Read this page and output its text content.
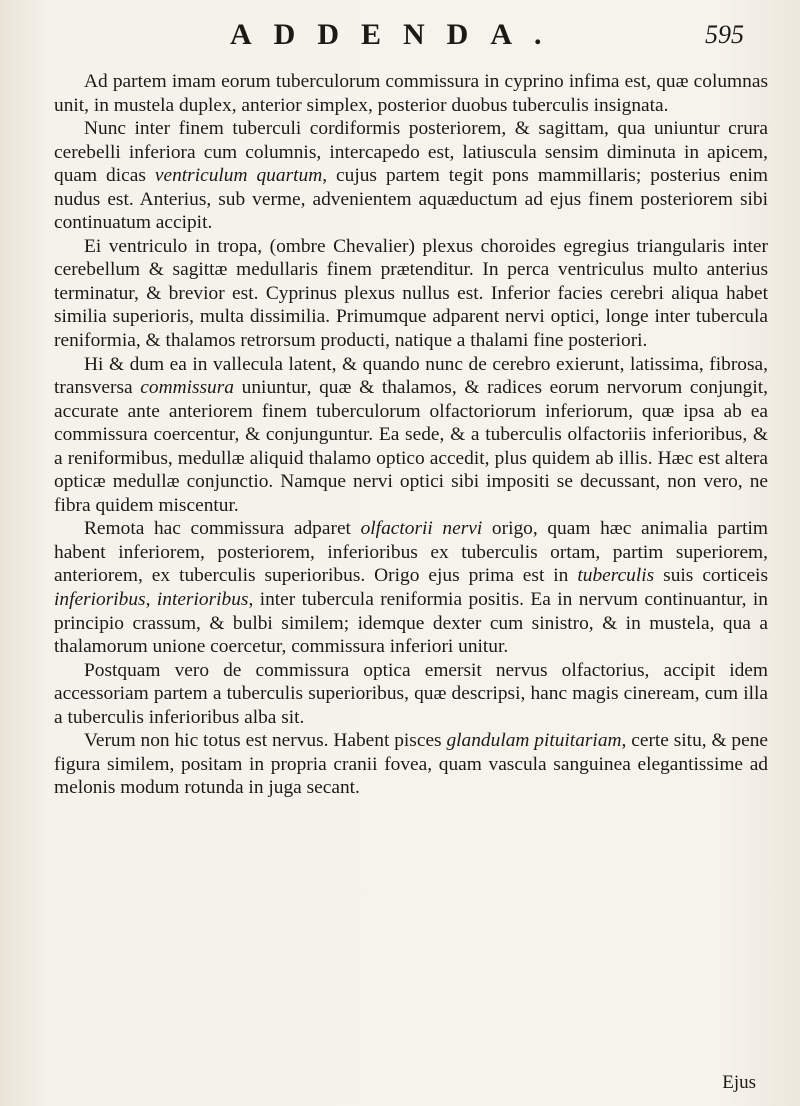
ADDENDA.	595

Ad partem imam eorum tuberculorum commissura in cyprino infima est, quæ columnas unit, in mustela duplex, anterior simplex, posterior duobus tuberculis insignata.

Nunc inter finem tuberculi cordiformis posteriorem, & sagittam, qua uniuntur crura cerebelli inferiora cum columnis, intercapedo est, latiuscula sensim diminuta in apicem, quam dicas ventriculum quartum, cujus partem tegit pons mammillaris; posterius enim nudus est. Anterius, sub verme, advenientem aquæductum ad ejus finem posteriorem sibi continuatum accipit.

Ei ventriculo in tropa, (ombre Chevalier) plexus choroides egregius triangularis inter cerebellum & sagittæ medullaris finem prætenditur. In perca ventriculus multo anterius terminatur, & brevior est. Cyprinus plexus nullus est. Inferior facies cerebri aliqua habet similia superioris, multa dissimilia. Primumque adparent nervi optici, longe inter tubercula reniformia, & thalamos retrorsum producti, natique a thalami fine posteriori.

Hi & dum ea in vallecula latent, & quando nunc de cerebro exierunt, latissima, fibrosa, transversa commissura uniuntur, quæ & thalamos, & radices eorum nervorum conjungit, accurate ante anteriorem finem tuberculorum olfactoriorum inferiorum, quæ ipsa ab ea commissura coercentur, & conjunguntur. Ea sede, & a tuberculis olfactoriis inferioribus, & a reniformibus, medullæ aliquid thalamo optico accedit, plus quidem ab illis. Hæc est altera opticæ medullæ conjunctio. Namque nervi optici sibi impositi se decussant, non vero, ne fibra quidem miscentur.

Remota hac commissura adparet olfactorii nervi origo, quam hæc animalia partim habent inferiorem, posteriorem, inferioribus ex tuberculis ortam, partim superiorem, anteriorem, ex tuberculis superioribus. Origo ejus prima est in tuberculis suis corticeis inferioribus, interioribus, inter tubercula reniformia positis. Ea in nervum continuantur, in principio crassum, & bulbi similem; idemque dexter cum sinistro, & in mustela, qua a thalamorum unione coercetur, commissura inferiori unitur.

Postquam vero de commissura optica emersit nervus olfactorius, accipit idem accessoriam partem a tuberculis superioribus, quæ descripsi, hanc magis cineream, cum illa a tuberculis inferioribus alba sit.

Verum non hic totus est nervus. Habent pisces glandulam pituitariam, certe situ, & pene figura similem, positam in propria cranii fovea, quam vascula sanguinea elegantissime ad melonis modum rotunda in juga secant.

Ejus
